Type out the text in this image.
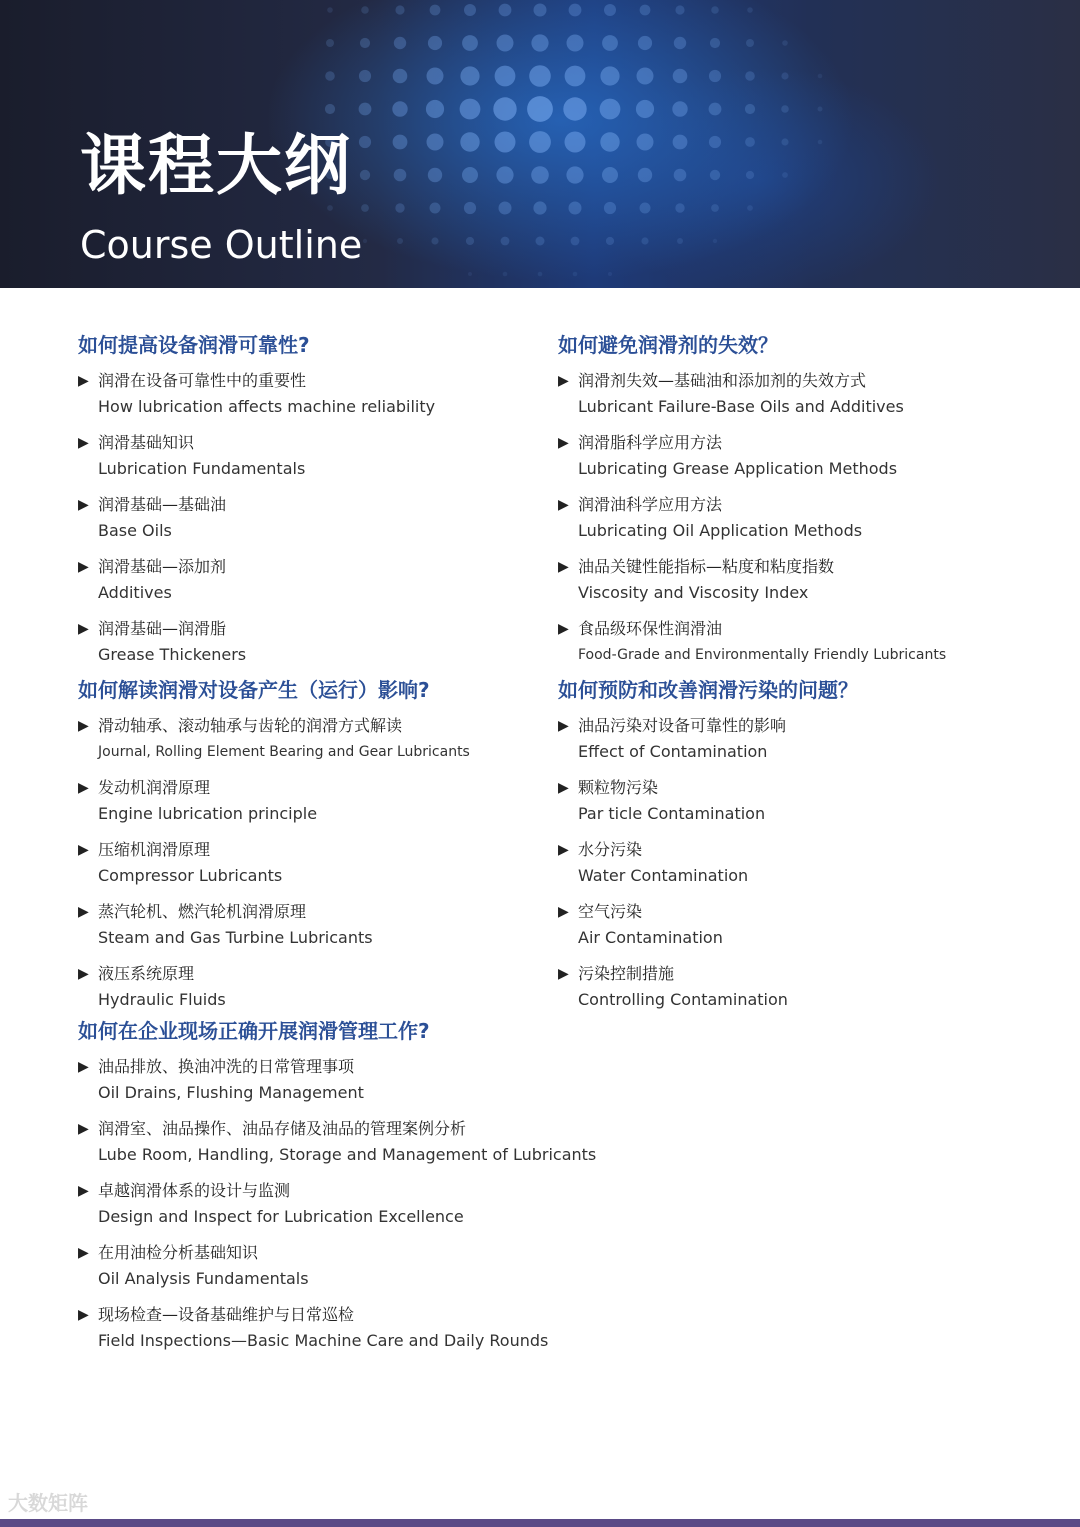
课程大纲
Course Outline
如何提高设备润滑可靠性?
▶ 润滑在设备可靠性中的重要性
How lubrication affects machine reliability
▶ 润滑基础知识
Lubrication Fundamentals
▶ 润滑基础—基础油
Base Oils
▶ 润滑基础—添加剂
Additives
▶ 润滑基础—润滑脂
Grease Thickeners
如何避免润滑剂的失效？
▶ 润滑剂失效—基础油和添加剂的失效方式
Lubricant Failure-Base Oils and Additives
▶ 润滑脂科学应用方法
Lubricating Grease Application Methods
▶ 润滑油科学应用方法
Lubricating Oil Application Methods
▶ 油品关键性能指标—粘度和粘度指数
Viscosity and Viscosity Index
▶ 食品级环保性润滑油
Food-Grade and Environmentally Friendly Lubricants
如何解读润滑对设备产生（运行）影响?
▶ 滑动轴承、滚动轴承与齿轮的润滑方式解读
Journal, Rolling Element Bearing and Gear Lubricants
▶ 发动机润滑原理
Engine lubrication principle
▶ 压缩机润滑原理
Compressor Lubricants
▶ 蒸汽轮机、燃汽轮机润滑原理
Steam and Gas Turbine Lubricants
▶ 液压系统原理
Hydraulic Fluids
如何预防和改善润滑污染的问题？
▶ 油品污染对设备可靠性的影响
Effect of Contamination
▶ 颗粒物污染
Par ticle Contamination
▶ 水分污染
Water Contamination
▶ 空气污染
Air Contamination
▶ 污染控制措施
Controlling Contamination
如何在企业现场正确开展润滑管理工作?
▶ 油品排放、换油冲洗的日常管理事项
Oil Drains, Flushing Management
▶ 润滑室、油品操作、油品存储及油品的管理案例分析
Lube Room, Handling, Storage and Management of Lubricants
▶ 卓越润滑体系的设计与监测
Design and Inspect for Lubrication Excellence
▶ 在用油检分析基础知识
Oil Analysis Fundamentals
▶ 现场检查—设备基础维护与日常巡检
Field Inspections—Basic Machine Care and Daily Rounds
大数矩阵
